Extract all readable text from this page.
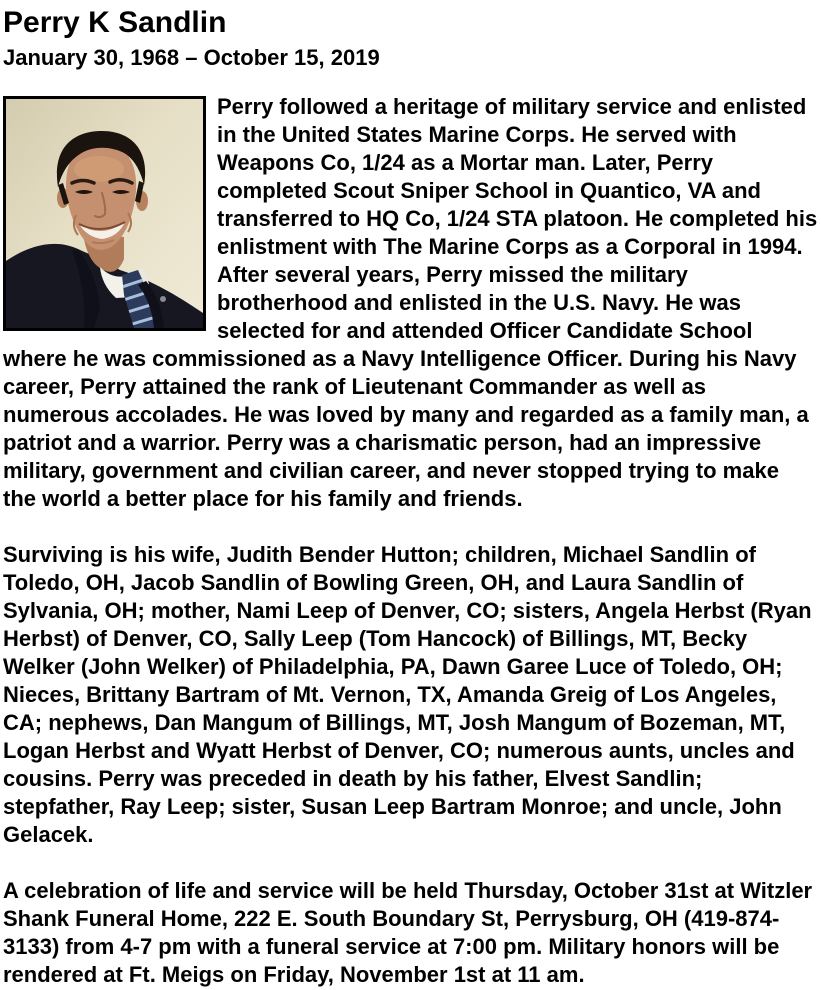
Perry K Sandlin
January 30, 1968 – October 15, 2019

Perry followed a heritage of military service and enlisted in the United States Marine Corps. He served with Weapons Co, 1/24 as a Mortar man. Later, Perry completed Scout Sniper School in Quantico, VA and transferred to HQ Co, 1/24 STA platoon. He completed his enlistment with The Marine Corps as a Corporal in 1994. After several years, Perry missed the military brotherhood and enlisted in the U.S. Navy. He was selected for and attended Officer Candidate School where he was commissioned as a Navy Intelligence Officer. During his Navy career, Perry attained the rank of Lieutenant Commander as well as numerous accolades. He was loved by many and regarded as a family man, a patriot and a warrior. Perry was a charismatic person, had an impressive military, government and civilian career, and never stopped trying to make the world a better place for his family and friends.

Surviving is his wife, Judith Bender Hutton; children, Michael Sandlin of Toledo, OH, Jacob Sandlin of Bowling Green, OH, and Laura Sandlin of Sylvania, OH; mother, Nami Leep of Denver, CO; sisters, Angela Herbst (Ryan Herbst) of Denver, CO, Sally Leep (Tom Hancock) of Billings, MT, Becky Welker (John Welker) of Philadelphia, PA, Dawn Garee Luce of Toledo, OH; Nieces, Brittany Bartram of Mt. Vernon, TX, Amanda Greig of Los Angeles, CA; nephews, Dan Mangum of Billings, MT, Josh Mangum of Bozeman, MT, Logan Herbst and Wyatt Herbst of Denver, CO; numerous aunts, uncles and cousins. Perry was preceded in death by his father, Elvest Sandlin; stepfather, Ray Leep; sister, Susan Leep Bartram Monroe; and uncle, John Gelacek.

A celebration of life and service will be held Thursday, October 31st at Witzler Shank Funeral Home, 222 E. South Boundary St, Perrysburg, OH (419-874-3133) from 4-7 pm with a funeral service at 7:00 pm. Military honors will be rendered at Ft. Meigs on Friday, November 1st at 11 am.
